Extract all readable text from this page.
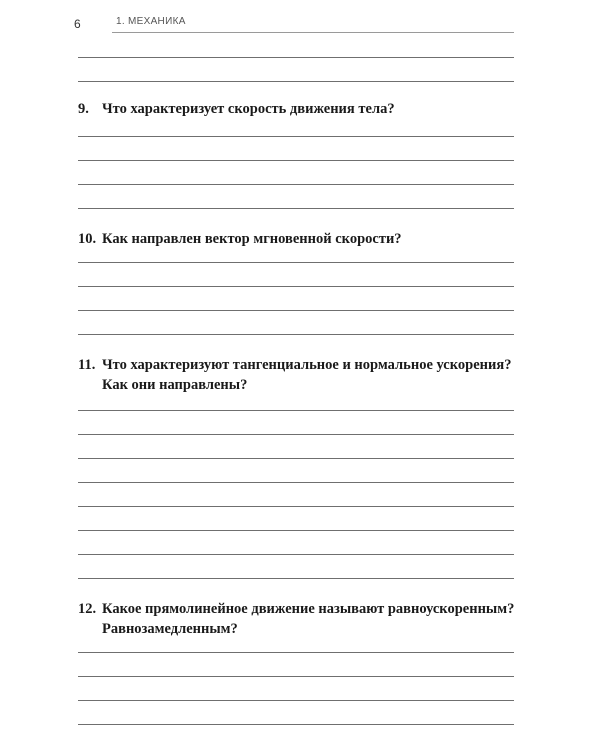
6	1. МЕХАНИКА
9. Что характеризует скорость движения тела?
10. Как направлен вектор мгновенной скорости?
11. Что характеризуют тангенциальное и нормальное ускорения?
Как они направлены?
12. Какое прямолинейное движение называют равноускоренным?
Равнозамедленным?
